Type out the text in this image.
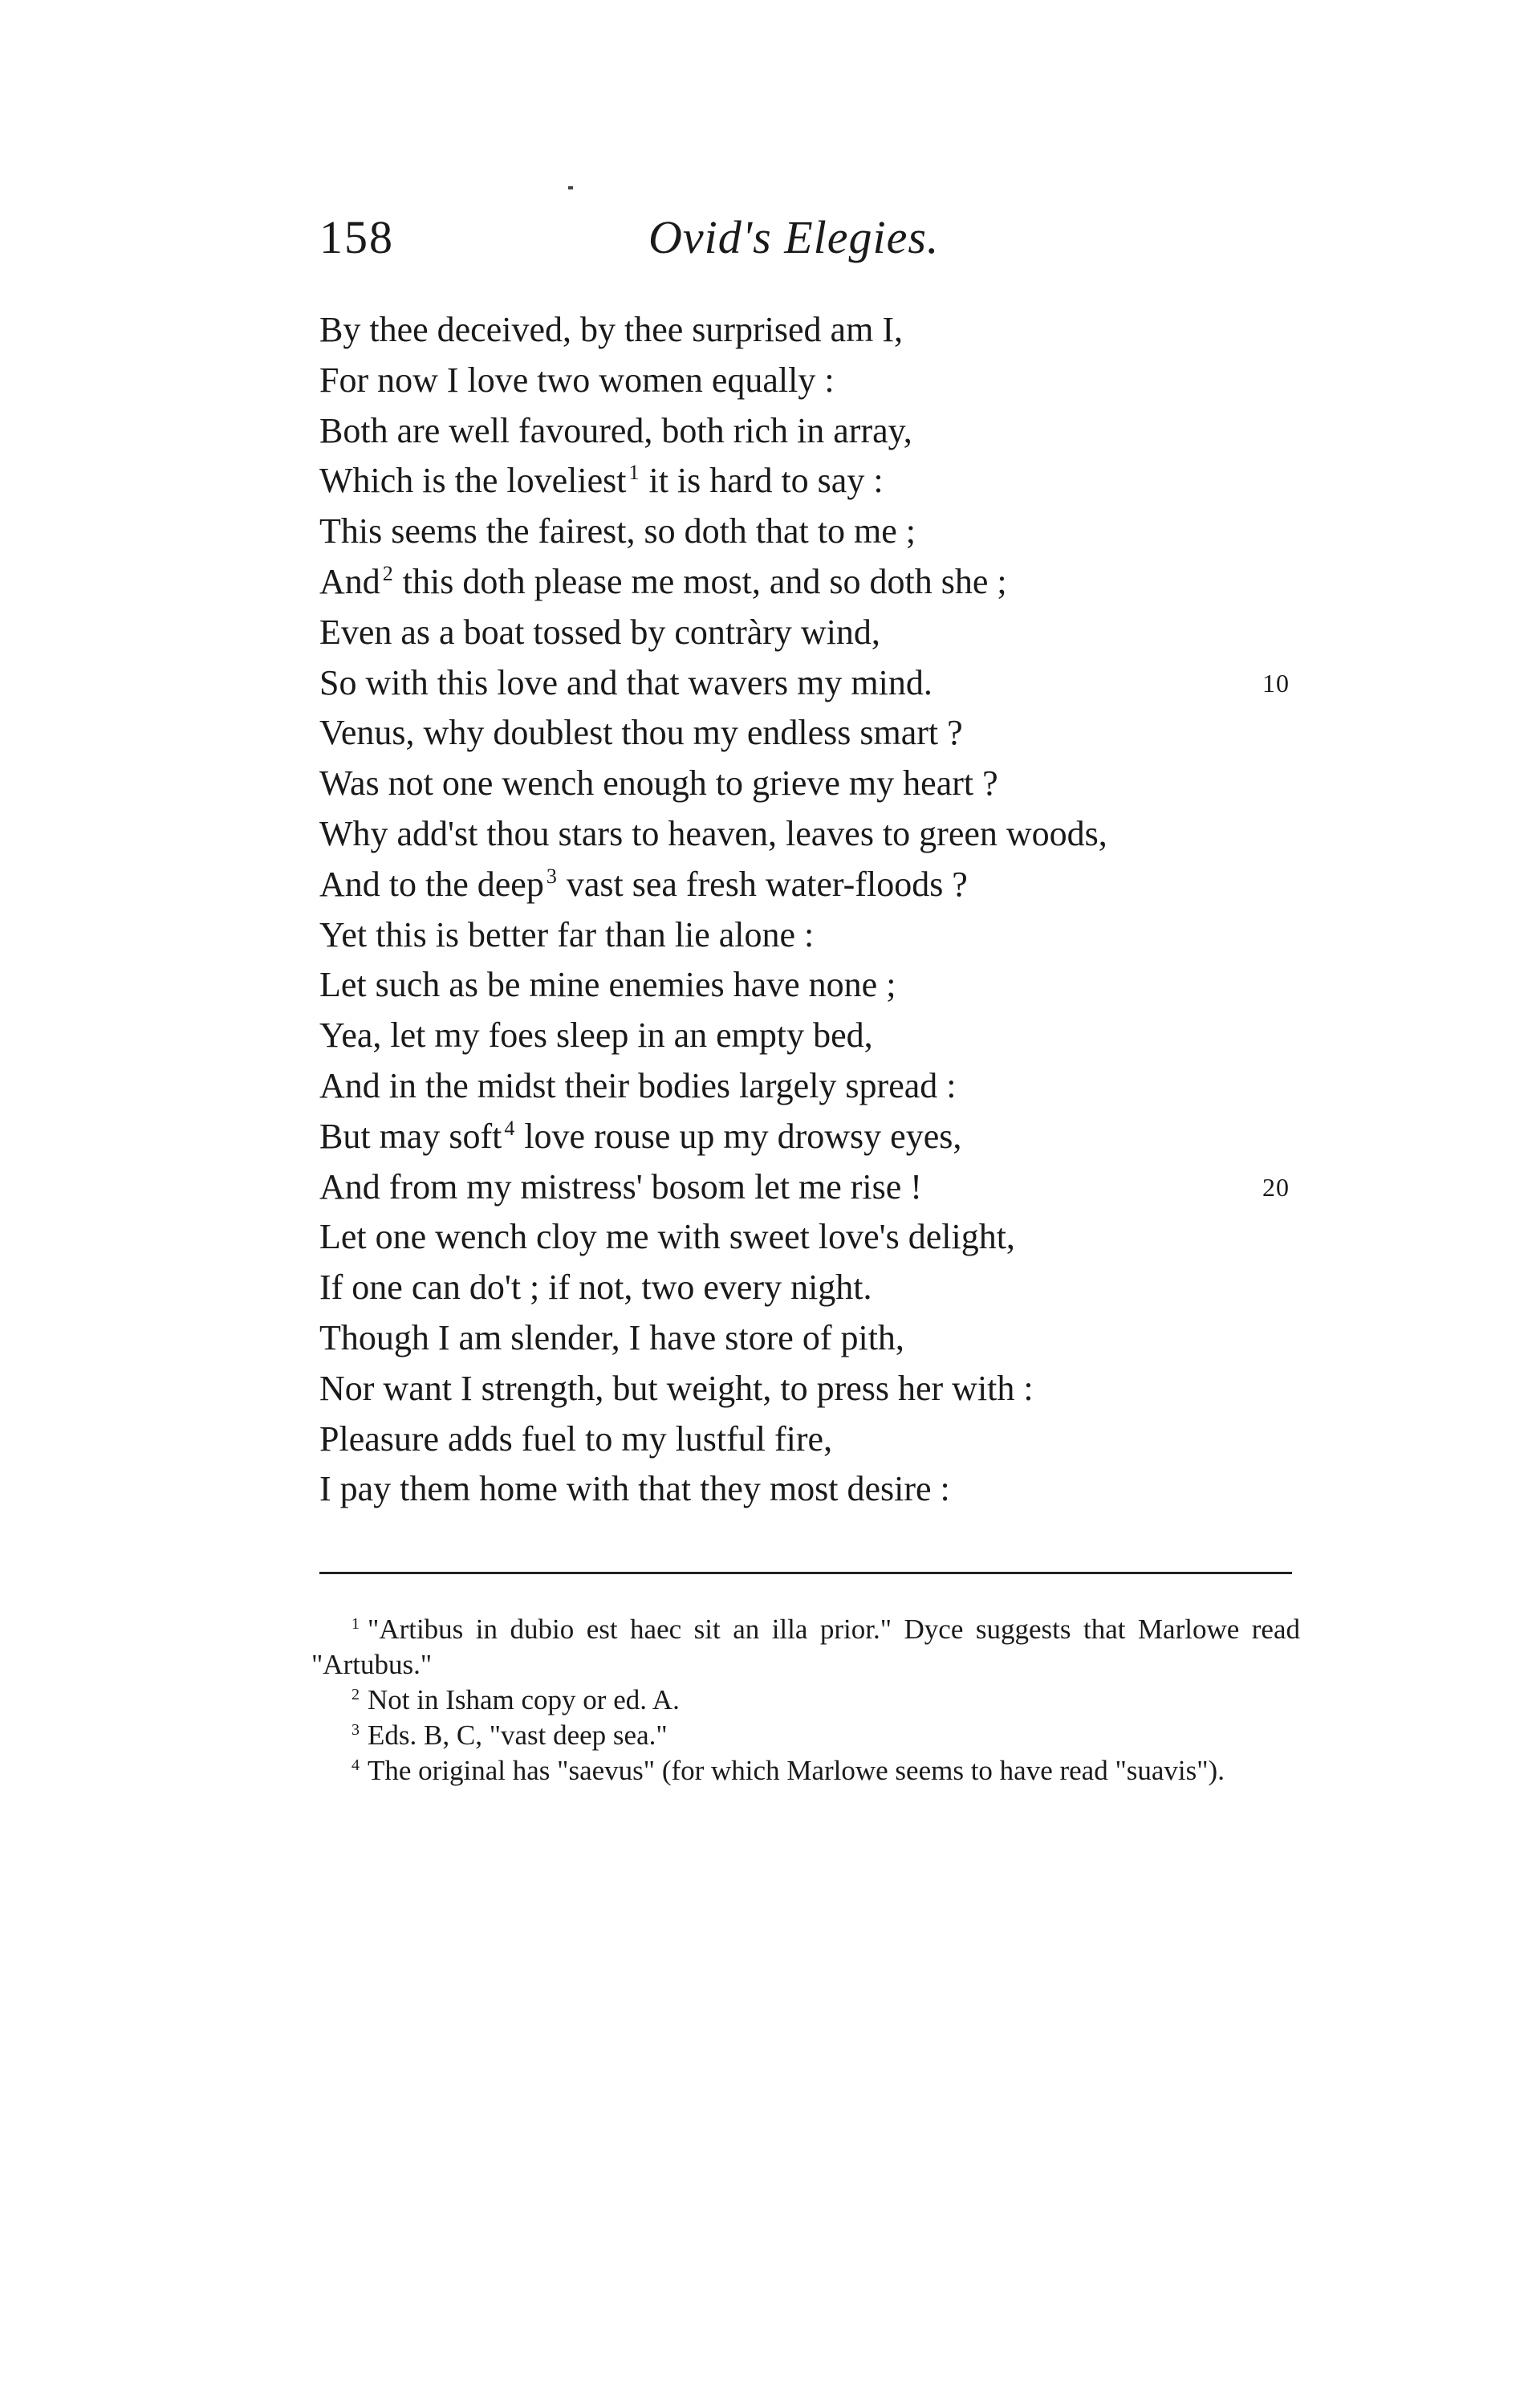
158	Ovid's Elegies.
By thee deceived, by thee surprised am I,
For now I love two women equally :
Both are well favoured, both rich in array,
Which is the loveliest $^1$ it is hard to say :
This seems the fairest, so doth that to me ;
And $^2$ this doth please me most, and so doth she ;
Even as a boat tossed by contràry wind,
So with this love and that wavers my mind.	10
Venus, why doublest thou my endless smart ?
Was not one wench enough to grieve my heart ?
Why add'st thou stars to heaven, leaves to green woods,
And to the deep $^3$ vast sea fresh water-floods ?
Yet this is better far than lie alone :
Let such as be mine enemies have none ;
Yea, let my foes sleep in an empty bed,
And in the midst their bodies largely spread :
But may soft $^4$ love rouse up my drowsy eyes,
And from my mistress' bosom let me rise !	20
Let one wench cloy me with sweet love's delight,
If one can do't ; if not, two every night.
Though I am slender, I have store of pith,
Nor want I strength, but weight, to press her with :
Pleasure adds fuel to my lustful fire,
I pay them home with that they most desire :
$^1$ "Artibus in dubio est haec sit an illa prior." Dyce suggests that Marlowe read "Artubus."
$^2$ Not in Isham copy or ed. A.
$^3$ Eds. B, C, "vast deep sea."
$^4$ The original has "saevus" (for which Marlowe seems to have read "suavis").
